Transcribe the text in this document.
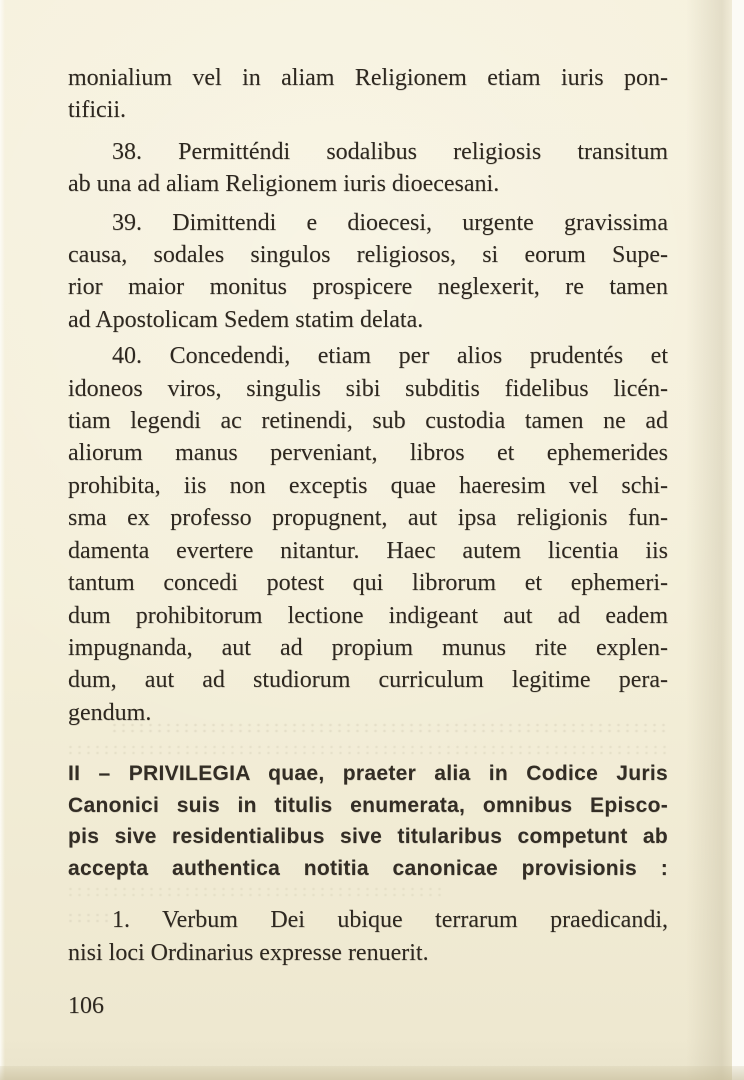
monialium vel in aliam Religionem etiam iuris pon-
tificii.
38. Permitténdi sodalibus religiosis transitum
ab una ad aliam Religionem iuris dioecesani.
39. Dimittendi e dioecesi, urgente gravissima
causa, sodales singulos religiosos, si eorum Supe-
rior maior monitus prospicere neglexerit, re tamen
ad Apostolicam Sedem statim delata.
40. Concedendi, etiam per alios prudentés et
idoneos viros, singulis sibi subditis fidelibus licén-
tiam legendi ac retinendi, sub custodia tamen ne ad
aliorum manus perveniant, libros et ephemerides
prohibita, iis non exceptis quae haeresim vel schi-
sma ex professo propugnent, aut ipsa religionis fun-
damenta evertere nitantur. Haec autem licentia iis
tantum concedi potest qui librorum et ephemeri-
dum prohibitorum lectione indigeant aut ad eadem
impugnanda, aut ad propium munus rite explen-
dum, aut ad studiorum curriculum legitime pera-
gendum.
II – PRIVILEGIA quae, praeter alia in Codice Juris
Canonici suis in titulis enumerata, omnibus Episco-
pis sive residentialibus sive titularibus competunt ab
accepta authentica notitia canonicae provisionis :
1. Verbum Dei ubique terrarum praedicandi,
nisi loci Ordinarius expresse renuerit.
106
